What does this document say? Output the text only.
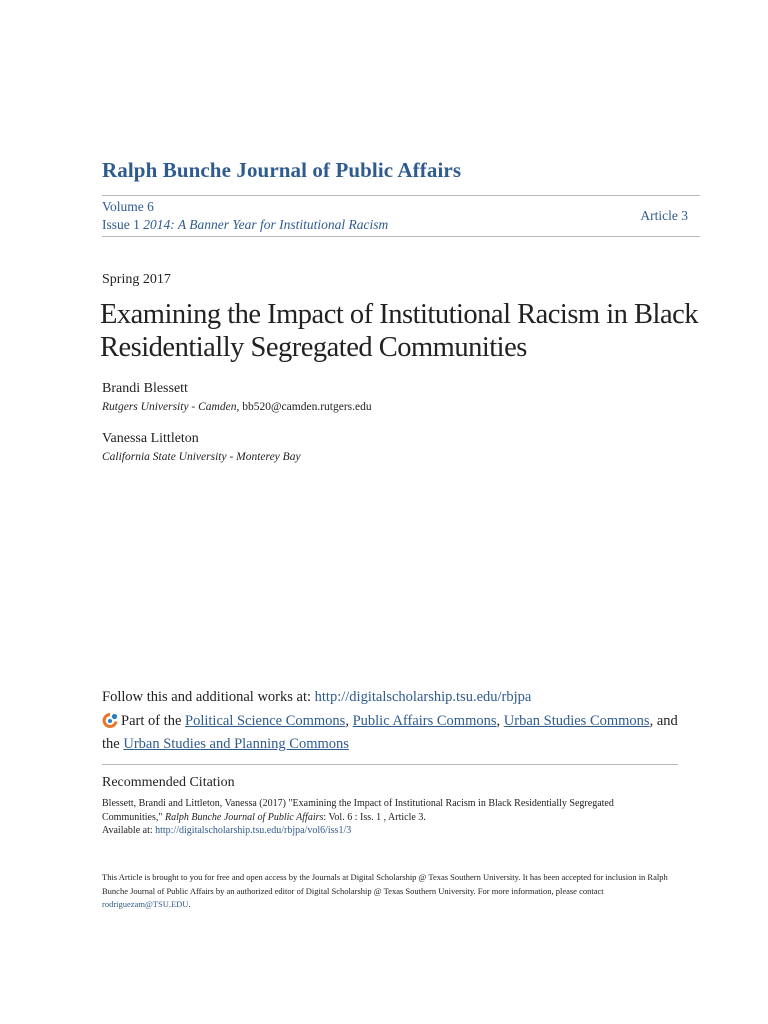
Ralph Bunche Journal of Public Affairs
Volume 6
Issue 1 2014: A Banner Year for Institutional Racism
Article 3
Spring 2017
Examining the Impact of Institutional Racism in Black Residentially Segregated Communities
Brandi Blessett
Rutgers University - Camden, bb520@camden.rutgers.edu
Vanessa Littleton
California State University - Monterey Bay
Follow this and additional works at: http://digitalscholarship.tsu.edu/rbjpa
Part of the Political Science Commons, Public Affairs Commons, Urban Studies Commons, and
the Urban Studies and Planning Commons
Recommended Citation
Blessett, Brandi and Littleton, Vanessa (2017) "Examining the Impact of Institutional Racism in Black Residentially Segregated
Communities," Ralph Bunche Journal of Public Affairs: Vol. 6 : Iss. 1 , Article 3.
Available at: http://digitalscholarship.tsu.edu/rbjpa/vol6/iss1/3
This Article is brought to you for free and open access by the Journals at Digital Scholarship @ Texas Southern University. It has been accepted for inclusion in Ralph Bunche Journal of Public Affairs by an authorized editor of Digital Scholarship @ Texas Southern University. For more information, please contact rodriguezam@TSU.EDU.
